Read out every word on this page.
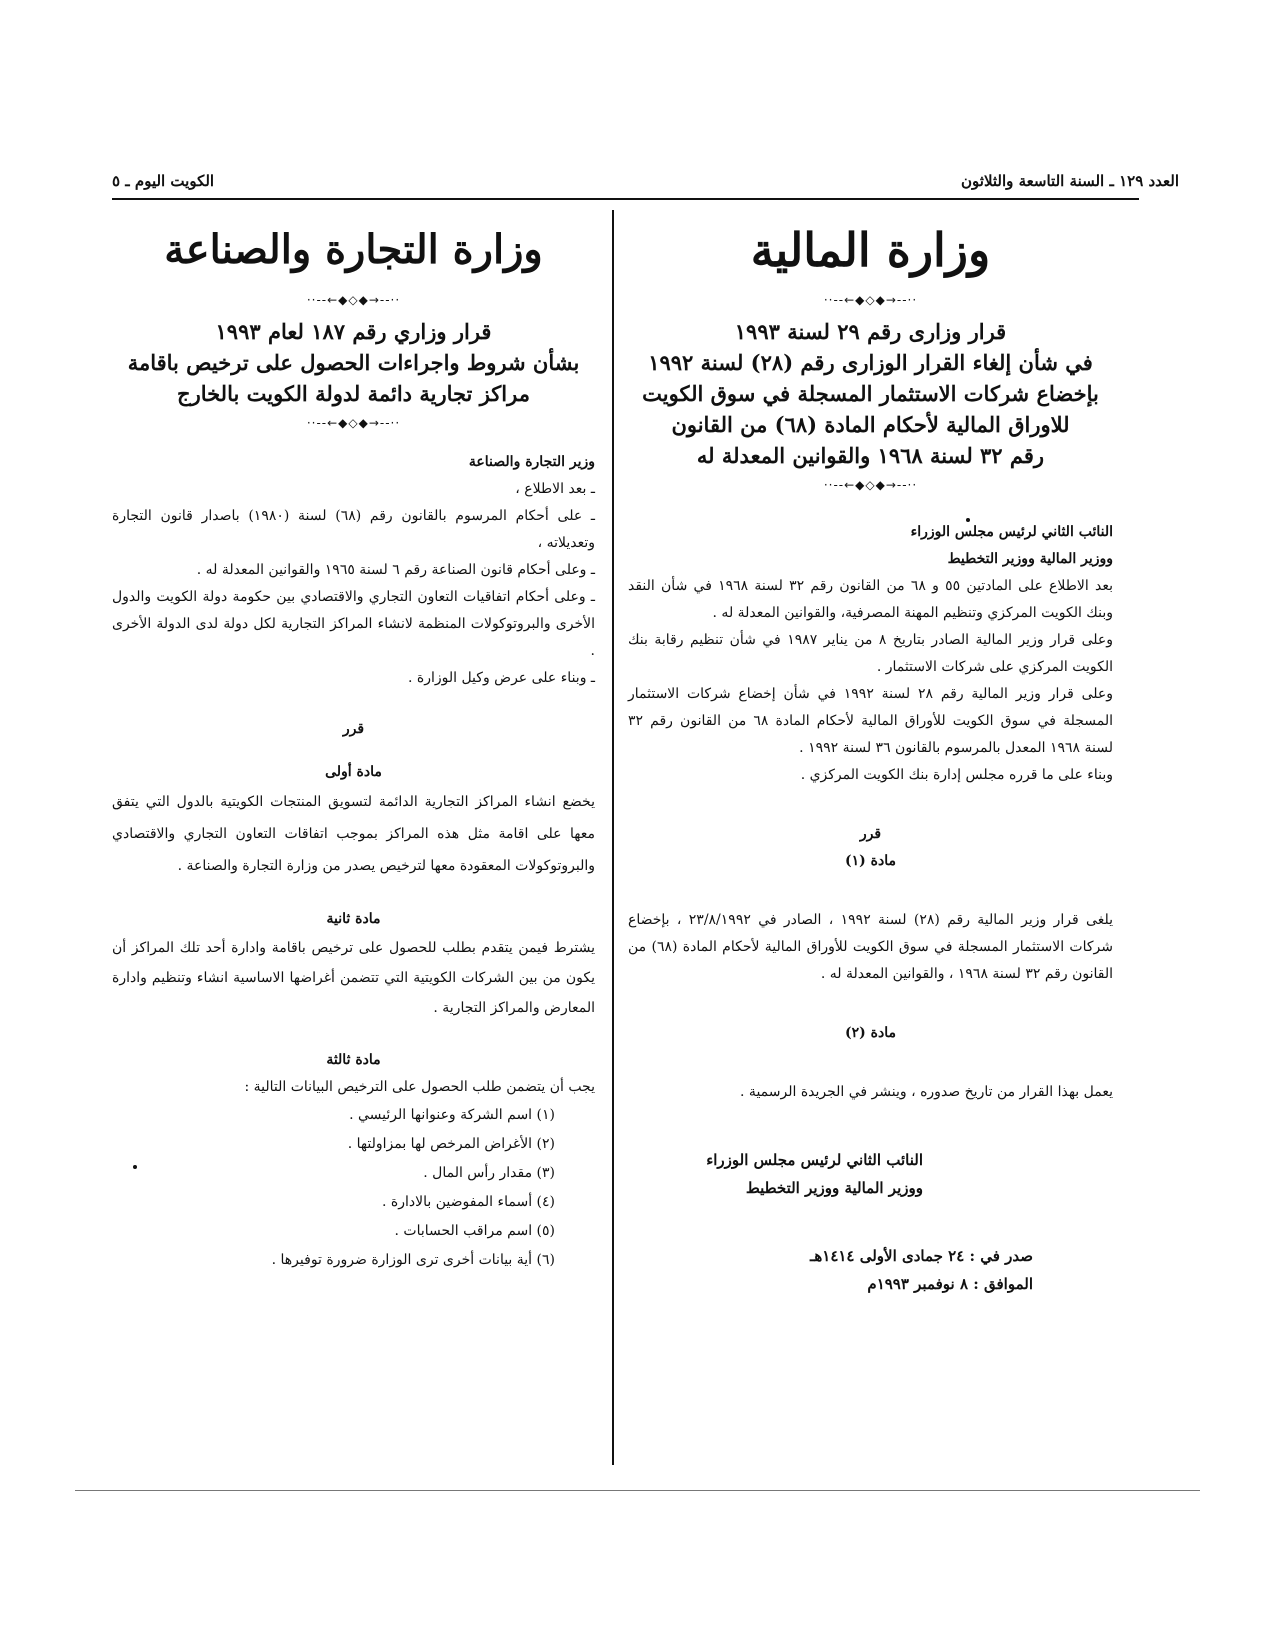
العدد ١٢٩ ـ السنة التاسعة والثلاثون
الكويت اليوم ـ ٥
وزارة المالية
··--→◆◇◆←--··
قرار وزارى رقم ٢٩ لسنة ١٩٩٣
في شأن إلغاء القرار الوزارى رقم (٢٨) لسنة ١٩٩٢
بإخضاع شركات الاستثمار المسجلة في سوق الكويت
للاوراق المالية لأحكام المادة (٦٨) من القانون
رقم ٣٢ لسنة ١٩٦٨ والقوانين المعدلة له
··--→◆◇◆←--··

النائب الثاني لرئيس مجلس الوزراء

ووزير المالية ووزير التخطيط

بعد الاطلاع على المادتين ٥٥ و ٦٨ من القانون رقم ٣٢ لسنة ١٩٦٨ في شأن النقد وبنك الكويت المركزي وتنظيم المهنة المصرفية، والقوانين المعدلة له .

وعلى قرار وزير المالية الصادر بتاريخ ٨ من يناير ١٩٨٧ في شأن تنظيم رقابة بنك الكويت المركزي على شركات الاستثمار .

وعلى قرار وزير المالية رقم ٢٨ لسنة ١٩٩٢ في شأن إخضاع شركات الاستثمار المسجلة في سوق الكويت للأوراق المالية لأحكام المادة ٦٨ من القانون رقم ٣٢ لسنة ١٩٦٨ المعدل بالمرسوم بالقانون ٣٦ لسنة ١٩٩٢ .

وبناء على ما قرره مجلس إدارة بنك الكويت المركزي .

قرر

مادة (١)

يلغى قرار وزير المالية رقم (٢٨) لسنة ١٩٩٢ ، الصادر في ٢٣/٨/١٩٩٢ ، بإخضاع شركات الاستثمار المسجلة في سوق الكويت للأوراق المالية لأحكام المادة (٦٨) من القانون رقم ٣٢ لسنة ١٩٦٨ ، والقوانين المعدلة له .

مادة (٢)

يعمل بهذا القرار من تاريخ صدوره ، وينشر في الجريدة الرسمية .

النائب الثاني لرئيس مجلس الوزراء
ووزير المالية ووزير التخطيط
صدر في : ٢٤ جمادى الأولى ١٤١٤هـ
الموافق : ٨ نوفمبر ١٩٩٣م
وزارة التجارة والصناعة
··--→◆◇◆←--··
قرار وزاري رقم ١٨٧ لعام ١٩٩٣
بشأن شروط واجراءات الحصول على ترخيص باقامة
مراكز تجارية دائمة لدولة الكويت بالخارج
··--→◆◇◆←--··

وزير التجارة والصناعة

ـ بعد الاطلاع ،

ـ على أحكام المرسوم بالقانون رقم (٦٨) لسنة (١٩٨٠) باصدار قانون التجارة وتعديلاته ،

ـ وعلى أحكام قانون الصناعة رقم ٦ لسنة ١٩٦٥ والقوانين المعدلة له .

ـ وعلى أحكام اتفاقيات التعاون التجاري والاقتصادي بين حكومة دولة الكويت والدول الأخرى والبروتوكولات المنظمة لانشاء المراكز التجارية لكل دولة لدى الدولة الأخرى .

ـ وبناء على عرض وكيل الوزارة .

قرر

مادة أولى

يخضع انشاء المراكز التجارية الدائمة لتسويق المنتجات الكويتية بالدول التي يتفق معها على اقامة مثل هذه المراكز بموجب اتفاقات التعاون التجاري والاقتصادي والبروتوكولات المعقودة معها لترخيص يصدر من وزارة التجارة والصناعة .

مادة ثانية

يشترط فيمن يتقدم بطلب للحصول على ترخيص باقامة وادارة أحد تلك المراكز أن يكون من بين الشركات الكويتية التي تتضمن أغراضها الاساسية انشاء وتنظيم وادارة المعارض والمراكز التجارية .

مادة ثالثة

يجب أن يتضمن طلب الحصول على الترخيص البيانات التالية :

(١) اسم الشركة وعنوانها الرئيسي .
(٢) الأغراض المرخص لها بمزاولتها .
(٣) مقدار رأس المال .
(٤) أسماء المفوضين بالادارة .
(٥) اسم مراقب الحسابات .
(٦) أية بيانات أخرى ترى الوزارة ضرورة توفيرها .
